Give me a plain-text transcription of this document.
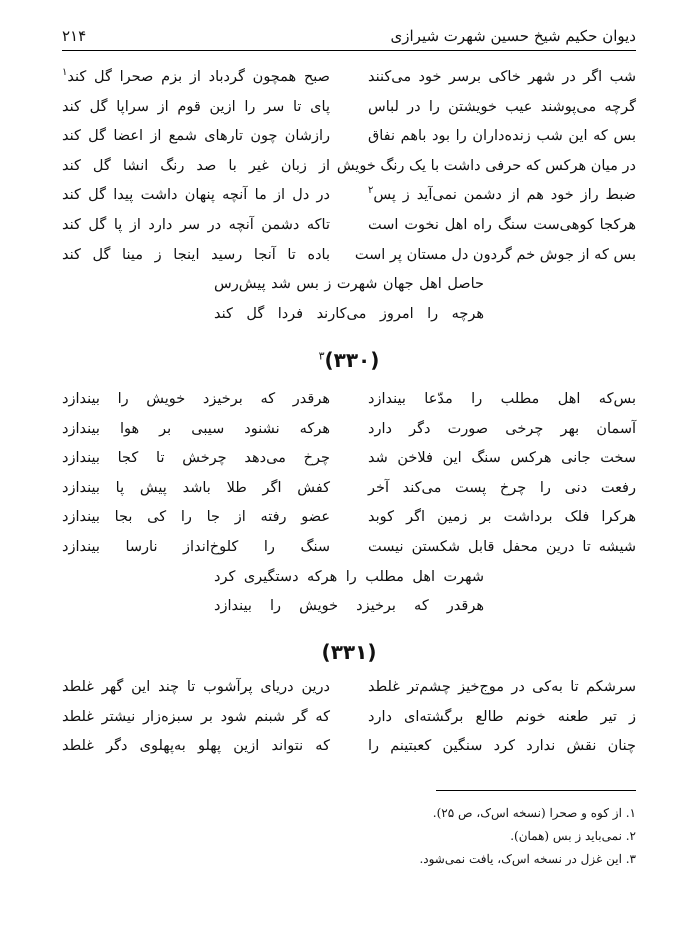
دیوان حکیم شیخ حسین شهرت شیرازی
۲۱۴
شب اگر در شهر خاکی برسر خود می‌کنند
صبح همچون گردباد از بزم صحرا گل کند$^۱$
گرچه می‌پوشند عیب خویشتن را در لباس
پای تا سر را ازین قوم از سراپا گل کند
بس که این شب زنده‌داران را بود باهم نفاق
رازشان چون تارهای شمع از اعضا گل کند
در میان هرکس که حرفی داشت با یک رنگ خویش
از زبان غیر با صد رنگ انشا گل کند
ضبط راز خود هم از دشمن نمی‌آید ز پس$^۲$
در دل از ما آنچه پنهان داشت پیدا گل کند
هرکجا کوهی‌ست سنگ راه اهل نخوت است
تاکه دشمن آنچه در سر دارد از پا گل کند
بس که از جوش خم گردون دل مستان پر است
باده تا آنجا رسید اینجا ز مینا گل کند
حاصل اهل جهان شهرت ز بس شد پیش‌رس
هرچه را امروز می‌کارند فردا گل کند
(۳۳۰)$^۳$
بس‌که اهل مطلب را مدّعا بیندازد
هرقدر که برخیزد خویش را بیندازد
آسمان بهر چرخی صورت دگر دارد
هرکه نشنود سیبی بر هوا بیندازد
سخت جانی هرکس سنگ این فلاخن شد
چرخ می‌دهد چرخش تا کجا بیندازد
رفعت دنی را چرخ پست می‌کند آخر
کفش اگر طلا باشد پیش پا بیندازد
هرکرا فلک برداشت بر زمین اگر کوبد
عضو رفته از جا را کی بجا بیندازد
شیشه تا درین محفل قابل شکستن نیست
سنگ را کلوخ‌انداز نارسا بیندازد
شهرت اهل مطلب را هرکه دستگیری کرد
هرقدر که برخیزد خویش را بیندازد
(۳۳۱)
سرشکم تا به‌کی در موج‌خیز چشم‌تر غلطد
درین دریای پرآشوب تا چند این گهر غلطد
ز تیر طعنه خونم طالع برگشته‌ای دارد
که گر شبنم شود بر سبزه‌زار نیشتر غلطد
چنان نقش ندارد کرد سنگین کعبتینم را
که نتواند ازین پهلو به‌پهلوی دگر غلطد
۱. از کوه و صحرا (نسخه اس‌ک، ص ۲۵).
۲. نمی‌باید ز بس (همان).
۳. این غزل در نسخه اس‌ک، یافت نمی‌شود.
